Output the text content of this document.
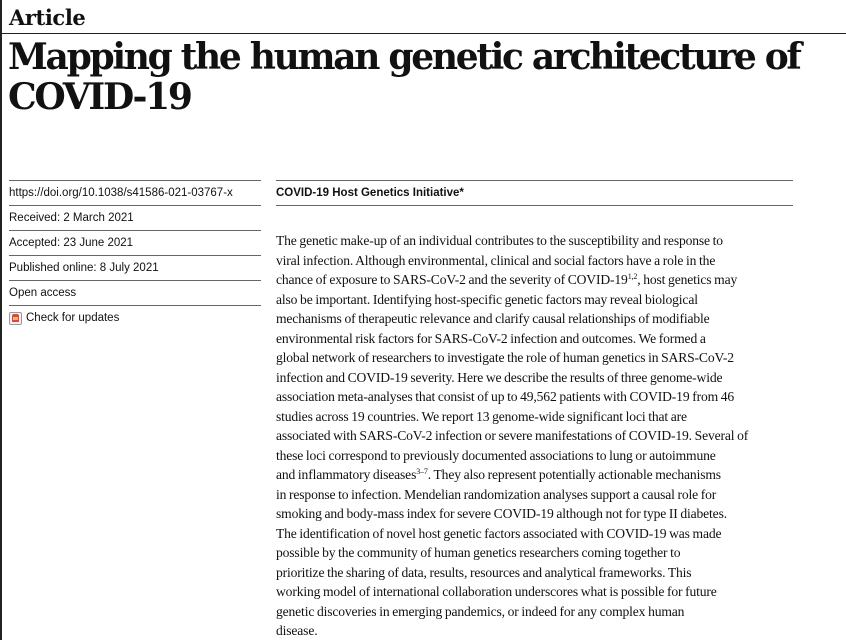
Article
Mapping the human genetic architecture of
COVID-19
https://doi.org/10.1038/s41586-021-03767-x
Received: 2 March 2021
Accepted: 23 June 2021
Published online: 8 July 2021
Open access
Check for updates
COVID-19 Host Genetics Initiative*

The genetic make-up of an individual contributes to the susceptibility and response to
viral infection. Although environmental, clinical and social factors have a role in the
chance of exposure to SARS-CoV-2 and the severity of COVID-19$^{1,2}$, host genetics may
also be important. Identifying host-specific genetic factors may reveal biological
mechanisms of therapeutic relevance and clarify causal relationships of modifiable
environmental risk factors for SARS-CoV-2 infection and outcomes. We formed a
global network of researchers to investigate the role of human genetics in SARS-CoV-2
infection and COVID-19 severity. Here we describe the results of three genome-wide
association meta-analyses that consist of up to 49,562 patients with COVID-19 from 46
studies across 19 countries. We report 13 genome-wide significant loci that are
associated with SARS-CoV-2 infection or severe manifestations of COVID-19. Several of
these loci correspond to previously documented associations to lung or autoimmune
and inflammatory diseases$^{3-7}$. They also represent potentially actionable mechanisms
in response to infection. Mendelian randomization analyses support a causal role for
smoking and body-mass index for severe COVID-19 although not for type II diabetes.
The identification of novel host genetic factors associated with COVID-19 was made
possible by the community of human genetics researchers coming together to
prioritize the sharing of data, results, resources and analytical frameworks. This
working model of international collaboration underscores what is possible for future
genetic discoveries in emerging pandemics, or indeed for any complex human
disease.
